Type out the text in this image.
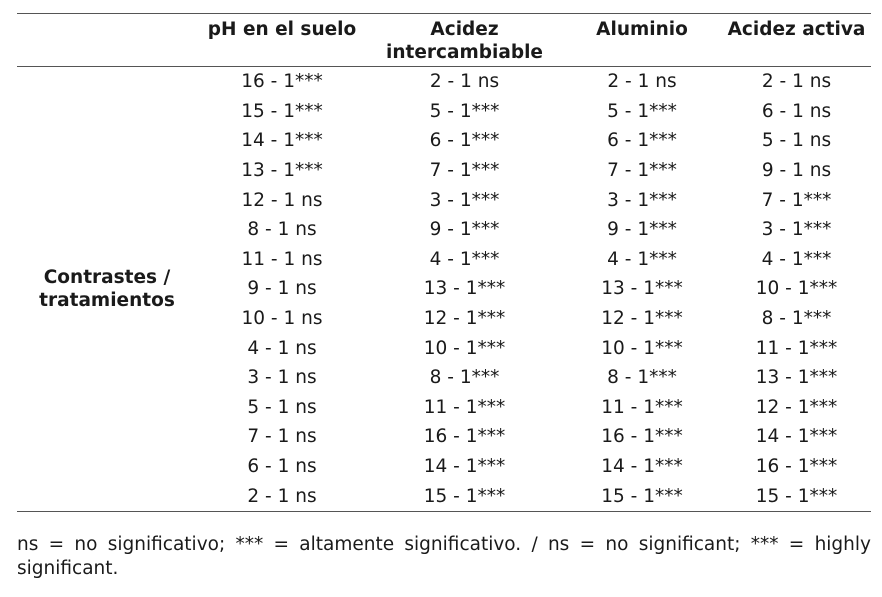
	pH en el suelo	Acidez intercambiable	Aluminio	Acidez activa
Contrastes / tratamientos	16 - 1***	2 - 1 ns	2 - 1 ns	2 - 1 ns
	15 - 1***	5 - 1***	5 - 1***	6 - 1 ns
	14 - 1***	6 - 1***	6 - 1***	5 - 1 ns
	13 - 1***	7 - 1***	7 - 1***	9 - 1 ns
	12 - 1 ns	3 - 1***	3 - 1***	7 - 1***
	8 - 1 ns	9 - 1***	9 - 1***	3 - 1***
	11 - 1 ns	4 - 1***	4 - 1***	4 - 1***
	9 - 1 ns	13 - 1***	13 - 1***	10 - 1***
	10 - 1 ns	12 - 1***	12 - 1***	8 - 1***
	4 - 1 ns	10 - 1***	10 - 1***	11 - 1***
	3 - 1 ns	8 - 1***	8 - 1***	13 - 1***
	5 - 1 ns	11 - 1***	11 - 1***	12 - 1***
	7 - 1 ns	16 - 1***	16 - 1***	14 - 1***
	6 - 1 ns	14 - 1***	14 - 1***	16 - 1***
	2 - 1 ns	15 - 1***	15 - 1***	15 - 1***
ns = no significativo; *** = altamente significativo. / ns = no significant; *** = highly significant.
